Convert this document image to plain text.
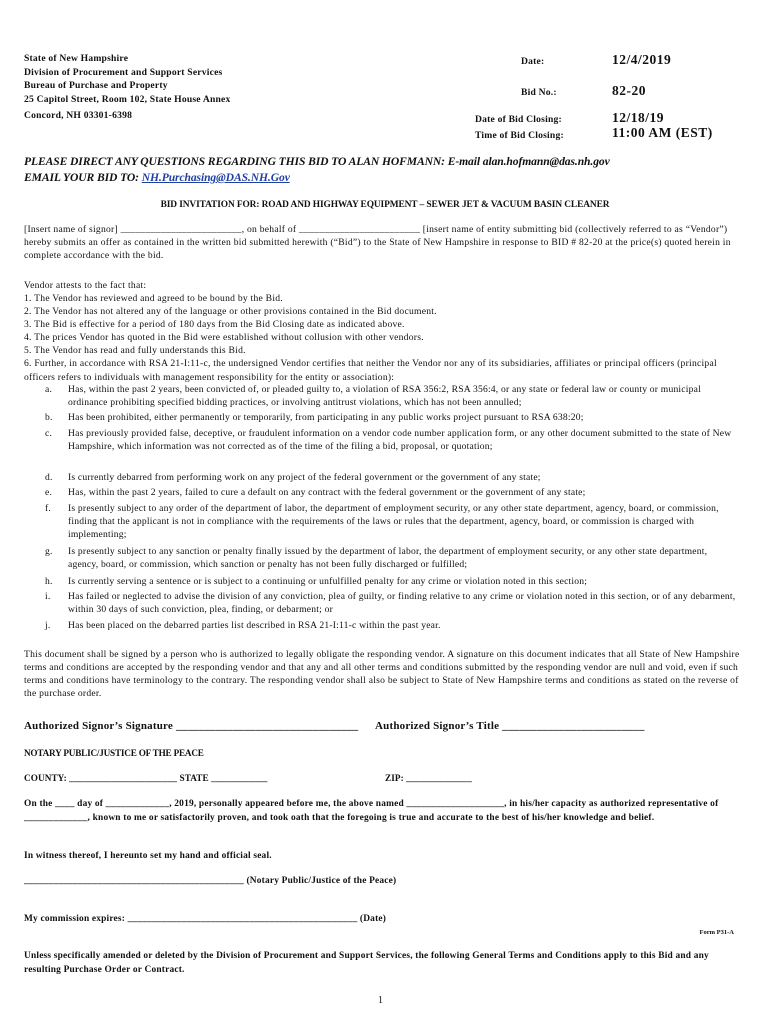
State of New Hampshire
Division of Procurement and Support Services
Bureau of Purchase and Property
25 Capitol Street, Room 102, State House Annex
Concord, NH 03301-6398
Date:	12/4/2019
Bid No.:	82-20
Date of Bid Closing:	12/18/19
Time of Bid Closing:	11:00 AM (EST)
PLEASE DIRECT ANY QUESTIONS REGARDING THIS BID TO ALAN HOFMANN: E-mail alan.hofmann@das.nh.gov
EMAIL YOUR BID TO: NH.Purchasing@DAS.NH.Gov
BID INVITATION FOR: ROAD AND HIGHWAY EQUIPMENT – SEWER JET & VACUUM BASIN CLEANER
[Insert name of signor] ________________________, on behalf of ________________________ [insert name of entity submitting bid (collectively referred to as “Vendor”) hereby submits an offer as contained in the written bid submitted herewith (“Bid”) to the State of New Hampshire in response to BID # 82-20 at the price(s) quoted herein in complete accordance with the bid.
Vendor attests to the fact that:
1. The Vendor has reviewed and agreed to be bound by the Bid.
2. The Vendor has not altered any of the language or other provisions contained in the Bid document.
3. The Bid is effective for a period of 180 days from the Bid Closing date as indicated above.
4. The prices Vendor has quoted in the Bid were established without collusion with other vendors.
5. The Vendor has read and fully understands this Bid.
6. Further, in accordance with RSA 21-I:11-c, the undersigned Vendor certifies that neither the Vendor nor any of its subsidiaries, affiliates or principal officers (principal officers refers to individuals with management responsibility for the entity or association):
a.	Has, within the past 2 years, been convicted of, or pleaded guilty to, a violation of RSA 356:2, RSA 356:4, or any state or federal law or county or municipal ordinance prohibiting specified bidding practices, or involving antitrust violations, which has not been annulled;
b.	Has been prohibited, either permanently or temporarily, from participating in any public works project pursuant to RSA 638:20;
c.	Has previously provided false, deceptive, or fraudulent information on a vendor code number application form, or any other document submitted to the state of New Hampshire, which information was not corrected as of the time of the filing a bid, proposal, or quotation;
d.	Is currently debarred from performing work on any project of the federal government or the government of any state;
e.	Has, within the past 2 years, failed to cure a default on any contract with the federal government or the government of any state;
f.	Is presently subject to any order of the department of labor, the department of employment security, or any other state department, agency, board, or commission, finding that the applicant is not in compliance with the requirements of the laws or rules that the department, agency, board, or commission is charged with implementing;
g.	Is presently subject to any sanction or penalty finally issued by the department of labor, the department of employment security, or any other state department, agency, board, or commission, which sanction or penalty has not been fully discharged or fulfilled;
h.	Is currently serving a sentence or is subject to a continuing or unfulfilled penalty for any crime or violation noted in this section;
i.	Has failed or neglected to advise the division of any conviction, plea of guilty, or finding relative to any crime or violation noted in this section, or of any debarment, within 30 days of such conviction, plea, finding, or debarment; or
j.	Has been placed on the debarred parties list described in RSA 21-I:11-c within the past year.
This document shall be signed by a person who is authorized to legally obligate the responding vendor. A signature on this document indicates that all State of New Hampshire terms and conditions are accepted by the responding vendor and that any and all other terms and conditions submitted by the responding vendor are null and void, even if such terms and conditions have terminology to the contrary. The responding vendor shall also be subject to State of New Hampshire terms and conditions as stated on the reverse of the purchase order.
Authorized Signor’s Signature ________________________________ Authorized Signor’s Title _________________________
NOTARY PUBLIC/JUSTICE OF THE PEACE
COUNTY: _______________________ STATE ____________	ZIP: ______________
On the ____ day of _____________, 2019, personally appeared before me, the above named ____________________, in his/her capacity as authorized representative of _____________, known to me or satisfactorily proven, and took oath that the foregoing is true and accurate to the best of his/her knowledge and belief.
In witness thereof, I hereunto set my hand and official seal.
_____________________________________________ (Notary Public/Justice of the Peace)
My commission expires: _______________________________________________ (Date)
Form P31-A
Unless specifically amended or deleted by the Division of Procurement and Support Services, the following General Terms and Conditions apply to this Bid and any resulting Purchase Order or Contract.
1
